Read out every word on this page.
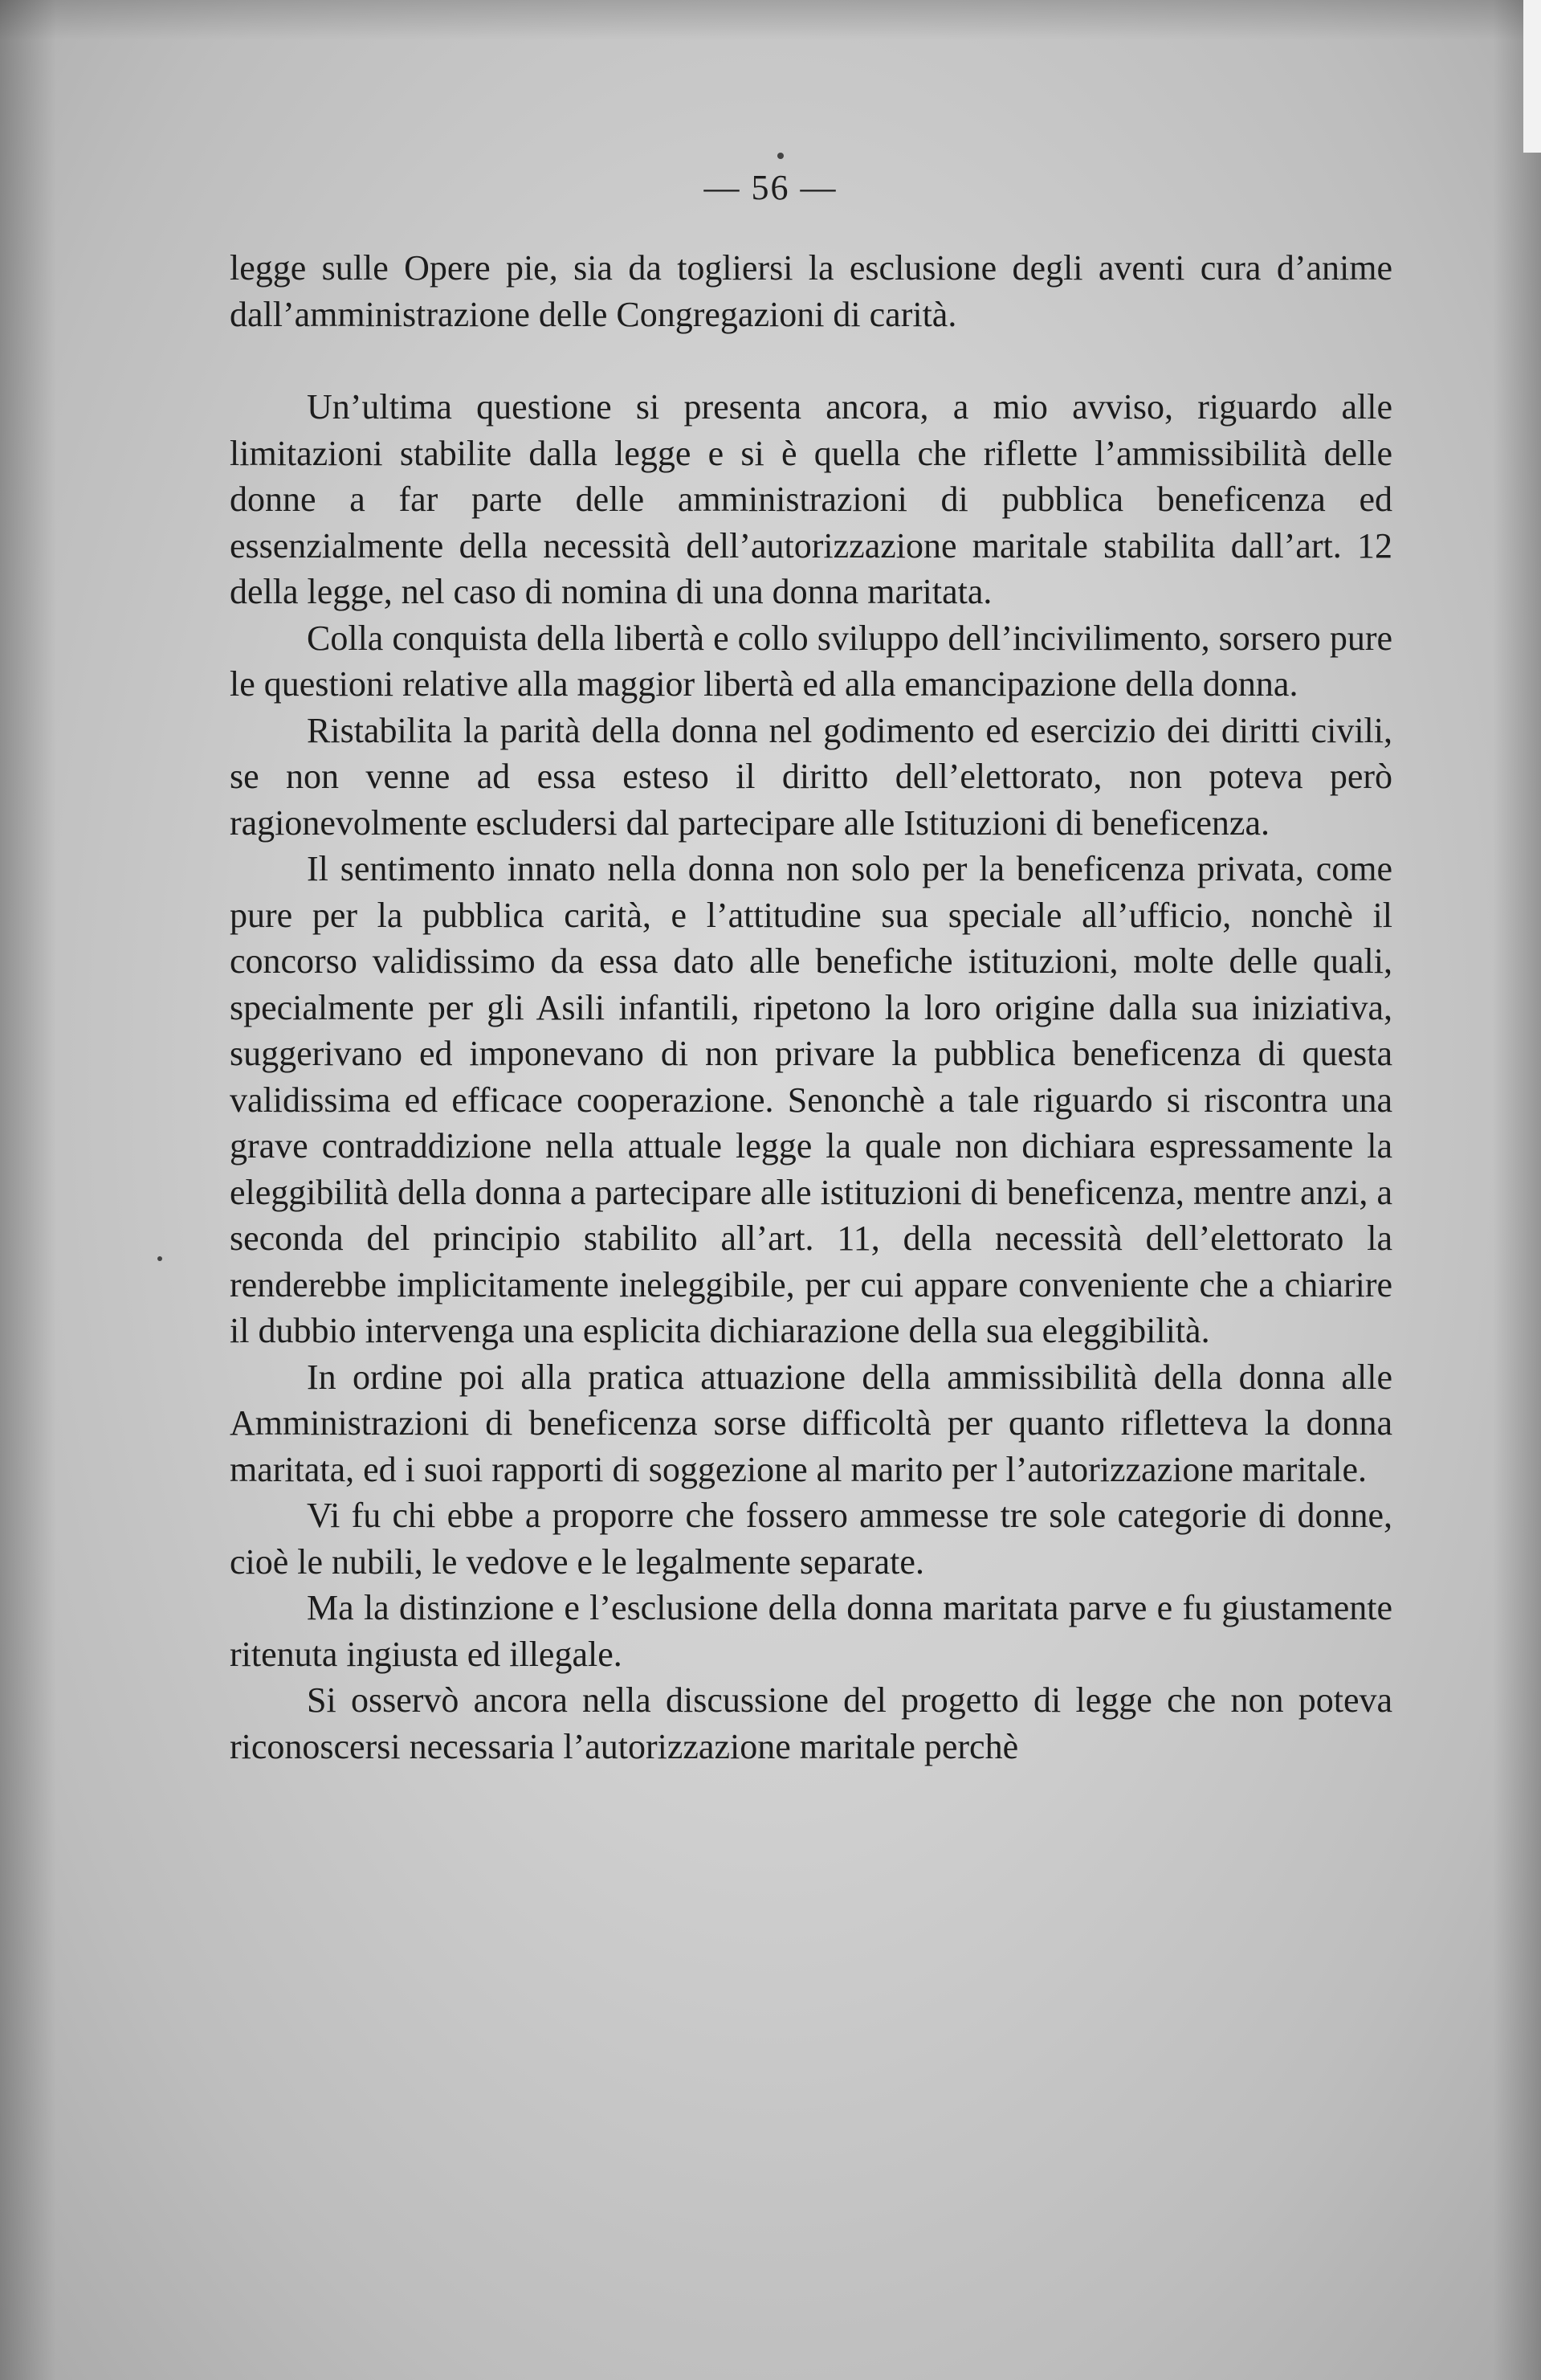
— 56 —

legge sulle Opere pie, sia da togliersi la esclusione degli aventi cura d’anime dall’amministrazione delle Congregazioni di carità.

Un’ultima questione si presenta ancora, a mio avviso, riguardo alle limitazioni stabilite dalla legge e si è quella che riflette l’ammissibilità delle donne a far parte delle amministrazioni di pubblica beneficenza ed essenzialmente della necessità dell’autorizzazione maritale stabilita dall’art. 12 della legge, nel caso di nomina di una donna maritata.

Colla conquista della libertà e collo sviluppo dell’incivilimento, sorsero pure le questioni relative alla maggior libertà ed alla emancipazione della donna.

Ristabilita la parità della donna nel godimento ed esercizio dei diritti civili, se non venne ad essa esteso il diritto dell’elettorato, non poteva però ragionevolmente escludersi dal partecipare alle Istituzioni di beneficenza.

Il sentimento innato nella donna non solo per la beneficenza privata, come pure per la pubblica carità, e l’attitudine sua speciale all’ufficio, nonchè il concorso validissimo da essa dato alle benefiche istituzioni, molte delle quali, specialmente per gli Asili infantili, ripetono la loro origine dalla sua iniziativa, suggerivano ed imponevano di non privare la pubblica beneficenza di questa validissima ed efficace cooperazione. Senonchè a tale riguardo si riscontra una grave contraddizione nella attuale legge la quale non dichiara espressamente la eleggibilità della donna a partecipare alle istituzioni di beneficenza, mentre anzi, a seconda del principio stabilito all’art. 11, della necessità dell’elettorato la renderebbe implicitamente ineleggibile, per cui appare conveniente che a chiarire il dubbio intervenga una esplicita dichiarazione della sua eleggibilità.

In ordine poi alla pratica attuazione della ammissibilità della donna alle Amministrazioni di beneficenza sorse difficoltà per quanto rifletteva la donna maritata, ed i suoi rapporti di soggezione al marito per l’autorizzazione maritale.

Vi fu chi ebbe a proporre che fossero ammesse tre sole categorie di donne, cioè le nubili, le vedove e le legalmente separate.

Ma la distinzione e l’esclusione della donna maritata parve e fu giustamente ritenuta ingiusta ed illegale.

Si osservò ancora nella discussione del progetto di legge che non poteva riconoscersi necessaria l’autorizzazione maritale perchè
